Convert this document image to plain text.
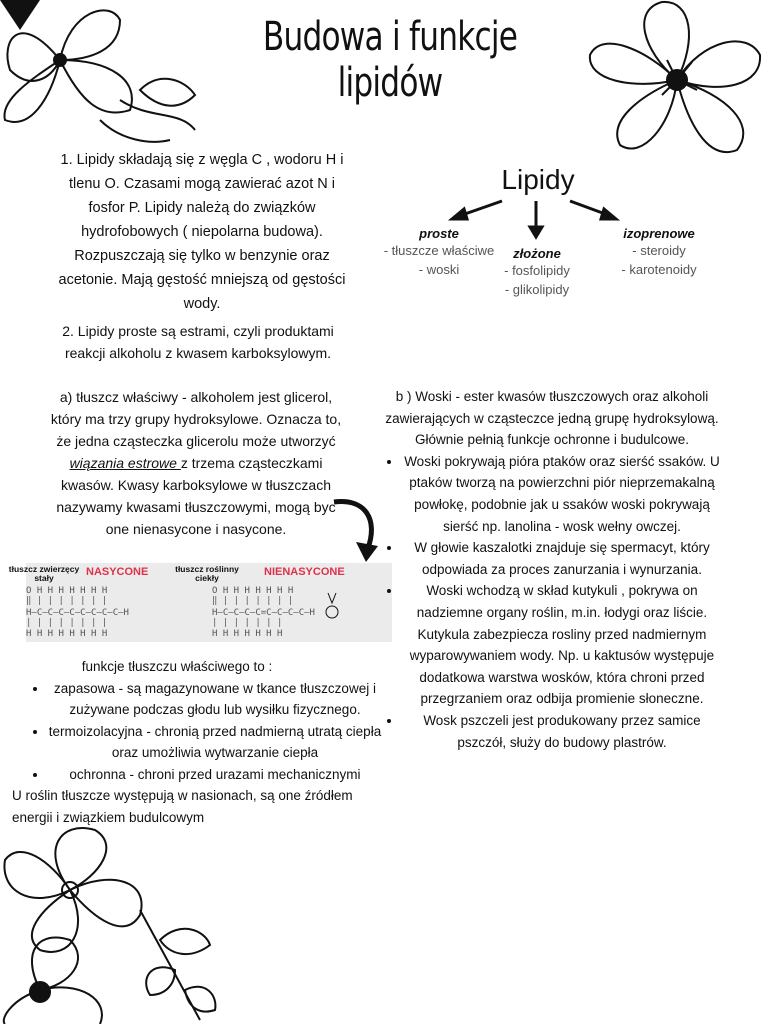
Budowa i funkcje lipidów
1. Lipidy składają się z węgla C , wodoru H i tlenu O. Czasami mogą zawierać azot N i fosfor P. Lipidy należą do związków hydrofobowych ( niepolarna budowa). Rozpuszczają się tylko w benzynie oraz acetonie. Mają gęstość mniejszą od gęstości wody.
2. Lipidy proste są estrami, czyli produktami reakcji alkoholu z kwasem karboksylowym.
a) tłuszcz właściwy - alkoholem jest glicerol, który ma trzy grupy hydroksylowe. Oznacza to, że jedna cząsteczka glicerolu może utworzyć wiązania estrowe z trzema cząsteczkami kwasów. Kwasy karboksylowe w tłuszczach nazywamy kwasami tłuszczowymi, mogą byc one nienasycone i nasycone.
Lipidy
proste
- tłuszcze właściwe
- woski
złożone
- fosfolipidy
- glikolipidy
izoprenowe
- steroidy
- karotenoidy
O H H H H H H H
‖ | | | | | | |
H–C–C–C–C–C–C–C–C–H
| | | | | | | |
H H H H H H H H
O H H H H H H H
‖ | | | | | | |
H–C–C–C–C=C–C–C–C–H
| | | | | | |
H H H H H H H
tłuszcz zwierzęcy stały	NASYCONE	tłuszcz roślinny ciekły	NIENASYCONE
funkcje tłuszczu właściwego to :
• zapasowa - są magazynowane w tkance tłuszczowej i zużywane podczas głodu lub wysiłku fizycznego.
• termoizolacyjna - chronią przed nadmierną utratą ciepła oraz umożliwia wytwarzanie ciepła
• ochronna - chroni przed urazami mechanicznymi
U roślin tłuszcze występują w nasionach, są one źródłem energii i związkiem budulcowym
b ) Woski - ester kwasów tłuszczowych oraz alkoholi zawierających w cząsteczce jedną grupę hydroksylową. Głównie pełnią funkcje ochronne i budulcowe.
• Woski pokrywają pióra ptaków oraz sierść ssaków. U ptaków tworzą na powierzchni piór nieprzemakalną powłokę, podobnie jak u ssaków woski pokrywają sierść np. lanolina - wosk wełny owczej.
• W głowie kaszalotki znajduje się spermacyt, który odpowiada za proces zanurzania i wynurzania.
• Woski wchodzą w skład kutykuli , pokrywa on nadziemne organy roślin, m.in. łodygi oraz liście. Kutykula zabezpiecza rosliny przed nadmiernym wyparowywaniem wody. Np. u kaktusów występuje dodatkowa warstwa wosków, która chroni przed przegrzaniem oraz odbija promienie słoneczne.
• Wosk pszczeli jest produkowany przez samice pszczół, służy do budowy plastrów.
